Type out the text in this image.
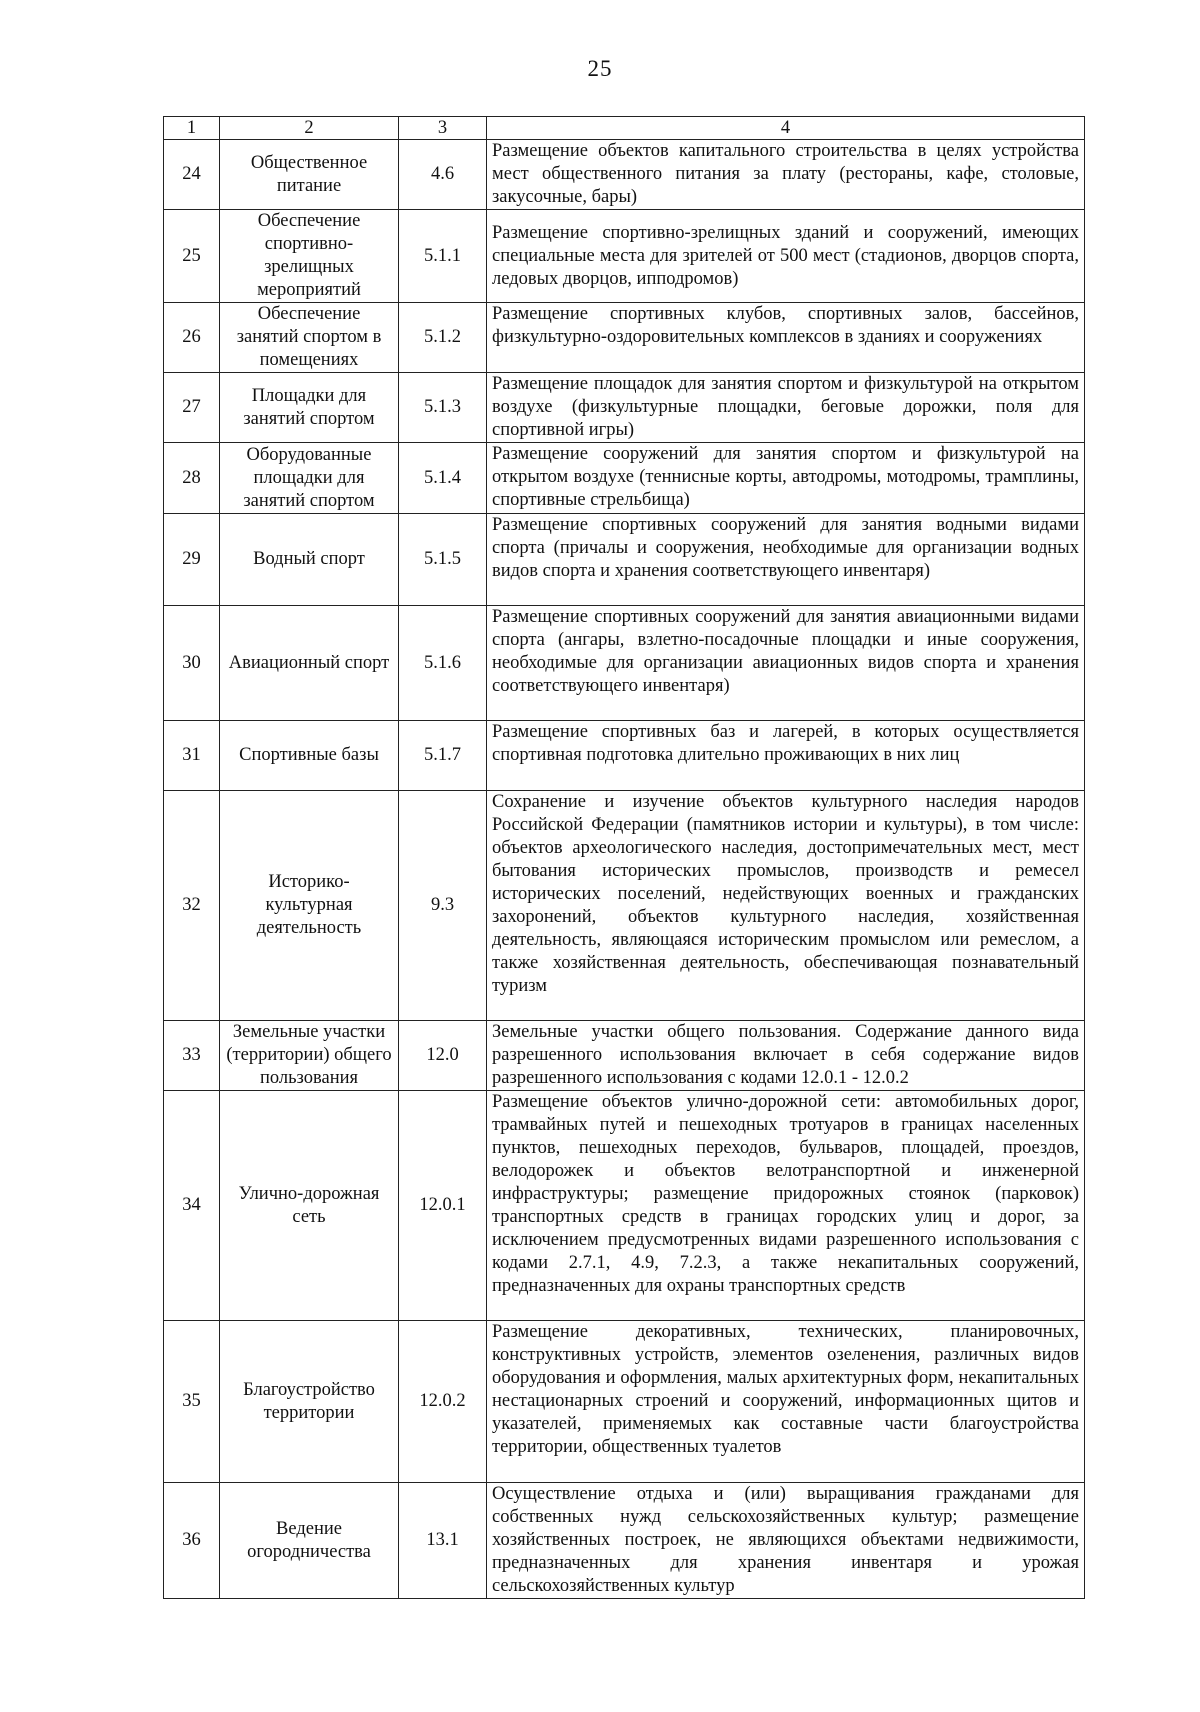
25
1	2	3	4
24	Общественное питание	4.6	Размещение объектов капитального строительства в целях устройства мест общественного питания за плату (рестораны, кафе, столовые, закусочные, бары)
25	Обеспечение спортивно-зрелищных мероприятий	5.1.1	Размещение спортивно-зрелищных зданий и сооружений, имеющих специальные места для зрителей от 500 мест (стадионов, дворцов спорта, ледовых дворцов, ипподромов)
26	Обеспечение занятий спортом в помещениях	5.1.2	Размещение спортивных клубов, спортивных залов, бассейнов, физкультурно-оздоровительных комплексов в зданиях и сооружениях
27	Площадки для занятий спортом	5.1.3	Размещение площадок для занятия спортом и физкультурой на открытом воздухе (физкультурные площадки, беговые дорожки, поля для спортивной игры)
28	Оборудованные площадки для занятий спортом	5.1.4	Размещение сооружений для занятия спортом и физкультурой на открытом воздухе (теннисные корты, автодромы, мотодромы, трамплины, спортивные стрельбища)
29	Водный спорт	5.1.5	Размещение спортивных сооружений для занятия водными видами спорта (причалы и сооружения, необходимые для организации водных видов спорта и хранения соответствующего инвентаря)
30	Авиационный спорт	5.1.6	Размещение спортивных сооружений для занятия авиационными видами спорта (ангары, взлетно-посадочные площадки и иные сооружения, необходимые для организации авиационных видов спорта и хранения соответствующего инвентаря)
31	Спортивные базы	5.1.7	Размещение спортивных баз и лагерей, в которых осуществляется спортивная подготовка длительно проживающих в них лиц
32	Историко-культурная деятельность	9.3	Сохранение и изучение объектов культурного наследия народов Российской Федерации (памятников истории и культуры), в том числе: объектов археологического наследия, достопримечательных мест, мест бытования исторических промыслов, производств и ремесел исторических поселений, недействующих военных и гражданских захоронений, объектов культурного наследия, хозяйственная деятельность, являющаяся историческим промыслом или ремеслом, а также хозяйственная деятельность, обеспечивающая познавательный туризм
33	Земельные участки (территории) общего пользования	12.0	Земельные участки общего пользования. Содержание данного вида разрешенного использования включает в себя содержание видов разрешенного использования с кодами 12.0.1 - 12.0.2
34	Улично-дорожная сеть	12.0.1	Размещение объектов улично-дорожной сети: автомобильных дорог, трамвайных путей и пешеходных тротуаров в границах населенных пунктов, пешеходных переходов, бульваров, площадей, проездов, велодорожек и объектов велотранспортной и инженерной инфраструктуры; размещение придорожных стоянок (парковок) транспортных средств в границах городских улиц и дорог, за исключением предусмотренных видами разрешенного использования с кодами 2.7.1, 4.9, 7.2.3, а также некапитальных сооружений, предназначенных для охраны транспортных средств
35	Благоустройство территории	12.0.2	Размещение декоративных, технических, планировочных, конструктивных устройств, элементов озеленения, различных видов оборудования и оформления, малых архитектурных форм, некапитальных нестационарных строений и сооружений, информационных щитов и указателей, применяемых как составные части благоустройства территории, общественных туалетов
36	Ведение огородничества	13.1	Осуществление отдыха и (или) выращивания гражданами для собственных нужд сельскохозяйственных культур; размещение хозяйственных построек, не являющихся объектами недвижимости, предназначенных для хранения инвентаря и урожая сельскохозяйственных культур
